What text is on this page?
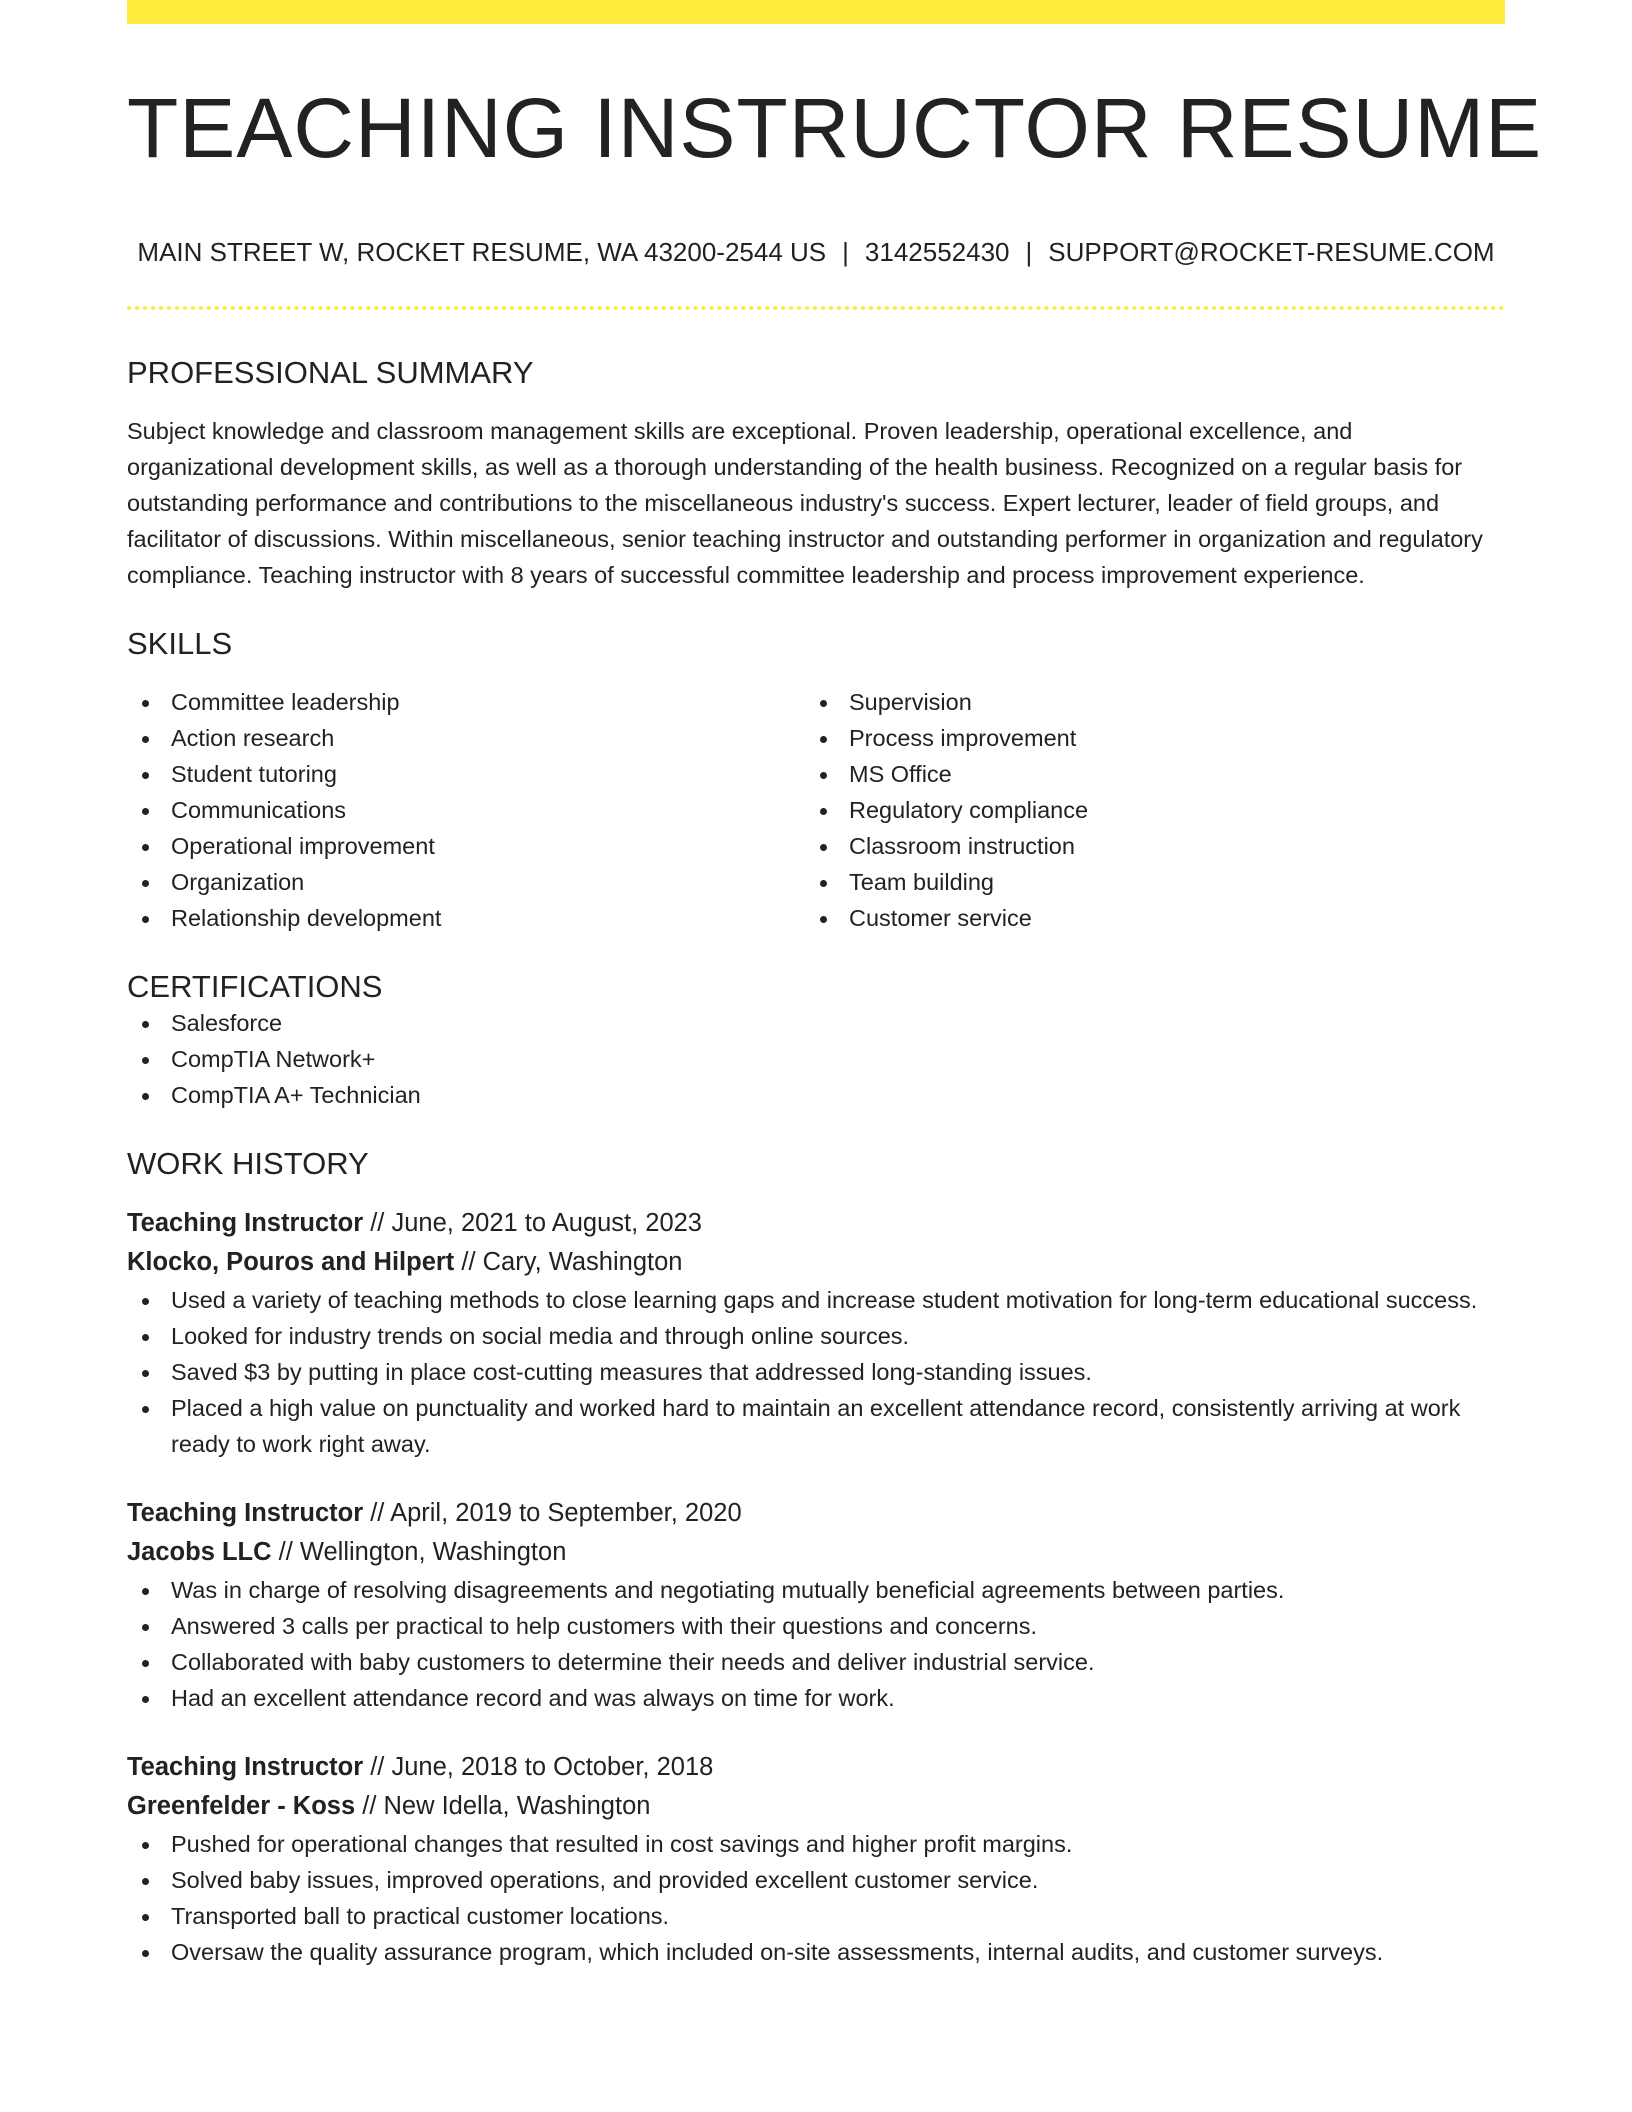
TEACHING INSTRUCTOR RESUME
MAIN STREET W, ROCKET RESUME, WA 43200-2544 US | 3142552430 | SUPPORT@ROCKET-RESUME.COM
PROFESSIONAL SUMMARY

Subject knowledge and classroom management skills are exceptional. Proven leadership, operational excellence, and organizational development skills, as well as a thorough understanding of the health business. Recognized on a regular basis for outstanding performance and contributions to the miscellaneous industry's success. Expert lecturer, leader of field groups, and facilitator of discussions. Within miscellaneous, senior teaching instructor and outstanding performer in organization and regulatory compliance. Teaching instructor with 8 years of successful committee leadership and process improvement experience.

SKILLS
Committee leadership
Action research
Student tutoring
Communications
Operational improvement
Organization
Relationship development
Supervision
Process improvement
MS Office
Regulatory compliance
Classroom instruction
Team building
Customer service
CERTIFICATIONS
Salesforce
CompTIA Network+
CompTIA A+ Technician
WORK HISTORY
Teaching Instructor // June, 2021 to August, 2023
Klocko, Pouros and Hilpert // Cary, Washington
Used a variety of teaching methods to close learning gaps and increase student motivation for long-term educational success.
Looked for industry trends on social media and through online sources.
Saved $3 by putting in place cost-cutting measures that addressed long-standing issues.
Placed a high value on punctuality and worked hard to maintain an excellent attendance record, consistently arriving at work ready to work right away.
Teaching Instructor // April, 2019 to September, 2020
Jacobs LLC // Wellington, Washington
Was in charge of resolving disagreements and negotiating mutually beneficial agreements between parties.
Answered 3 calls per practical to help customers with their questions and concerns.
Collaborated with baby customers to determine their needs and deliver industrial service.
Had an excellent attendance record and was always on time for work.
Teaching Instructor // June, 2018 to October, 2018
Greenfelder - Koss // New Idella, Washington
Pushed for operational changes that resulted in cost savings and higher profit margins.
Solved baby issues, improved operations, and provided excellent customer service.
Transported ball to practical customer locations.
Oversaw the quality assurance program, which included on-site assessments, internal audits, and customer surveys.
